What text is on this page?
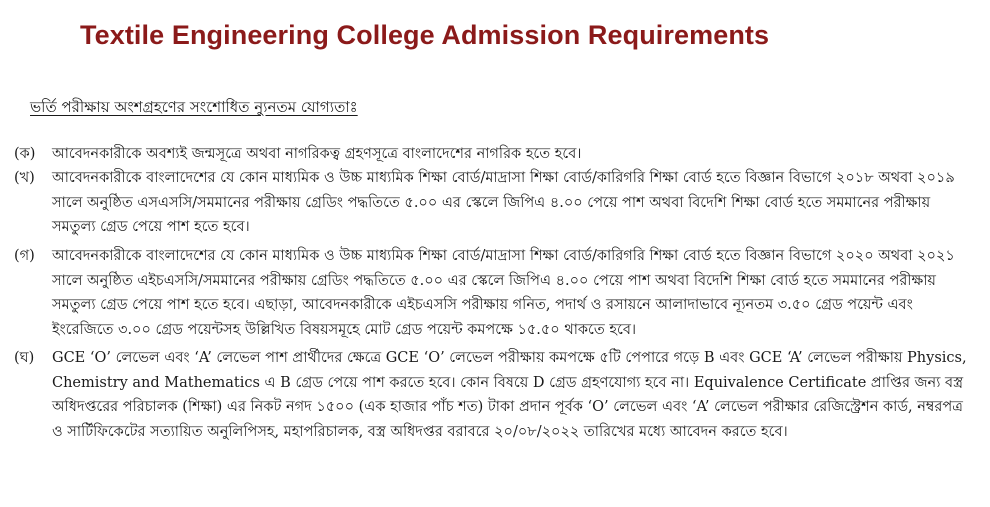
Textile Engineering College Admission Requirements
ভর্তি পরীক্ষায় অংশগ্রহণের সংশোধিত ন্যুনতম যোগ্যতাঃ
(ক)	আবেদনকারীকে অবশ্যই জন্মসূত্রে অথবা নাগরিকত্ব গ্রহণসূত্রে বাংলাদেশের নাগরিক হতে হবে।
(খ)	আবেদনকারীকে বাংলাদেশের যে কোন মাধ্যমিক ও উচ্চ মাধ্যমিক শিক্ষা বোর্ড/মাদ্রাসা শিক্ষা বোর্ড/কারিগরি শিক্ষা বোর্ড হতে বিজ্ঞান বিভাগে ২০১৮ অথবা ২০১৯ সালে অনুষ্ঠিত এসএসসি/সমমানের পরীক্ষায় গ্রেডিং পদ্ধতিতে ৫.০০ এর স্কেলে জিপিএ ৪.০০ পেয়ে পাশ অথবা বিদেশি শিক্ষা বোর্ড হতে সমমানের পরীক্ষায় সমতুল্য গ্রেড পেয়ে পাশ হতে হবে।
(গ)	আবেদনকারীকে বাংলাদেশের যে কোন মাধ্যমিক ও উচ্চ মাধ্যমিক শিক্ষা বোর্ড/মাদ্রাসা শিক্ষা বোর্ড/কারিগরি শিক্ষা বোর্ড হতে বিজ্ঞান বিভাগে ২০২০ অথবা ২০২১ সালে অনুষ্ঠিত এইচএসসি/সমমানের পরীক্ষায় গ্রেডিং পদ্ধতিতে ৫.০০ এর স্কেলে জিপিএ ৪.০০ পেয়ে পাশ অথবা বিদেশি শিক্ষা বোর্ড হতে সমমানের পরীক্ষায় সমতুল্য গ্রেড পেয়ে পাশ হতে হবে। এছাড়া, আবেদনকারীকে এইচএসসি পরীক্ষায় গনিত, পদার্থ ও রসায়নে আলাদাভাবে ন্যূনতম ৩.৫০ গ্রেড পয়েন্ট এবং ইংরেজিতে ৩.০০ গ্রেড পয়েন্টসহ উল্লিখিত বিষয়সমূহে মোট গ্রেড পয়েন্ট কমপক্ষে ১৫.৫০ থাকতে হবে।
(ঘ)	GCE ‘O’ লেভেল এবং ‘A’ লেভেল পাশ প্রার্থীদের ক্ষেত্রে GCE ‘O’ লেভেল পরীক্ষায় কমপক্ষে ৫টি পেপারে গড়ে B এবং GCE ‘A’ লেভেল পরীক্ষায় Physics, Chemistry and Mathematics এ B গ্রেড পেয়ে পাশ করতে হবে। কোন বিষয়ে D গ্রেড গ্রহণযোগ্য হবে না। Equivalence Certificate প্রাপ্তির জন্য বস্ত্র অধিদপ্তরের পরিচালক (শিক্ষা) এর নিকট নগদ ১৫০০ (এক হাজার পাঁচ শত) টাকা প্রদান পূর্বক ‘O’ লেভেল এবং ‘A’ লেভেল পরীক্ষার রেজিস্ট্রেশন কার্ড, নম্বরপত্র ও সার্টিফিকেটের সত্যায়িত অনুলিপিসহ, মহাপরিচালক, বস্ত্র অধিদপ্তর বরাবরে ২০/০৮/২০২২ তারিখের মধ্যে আবেদন করতে হবে।
